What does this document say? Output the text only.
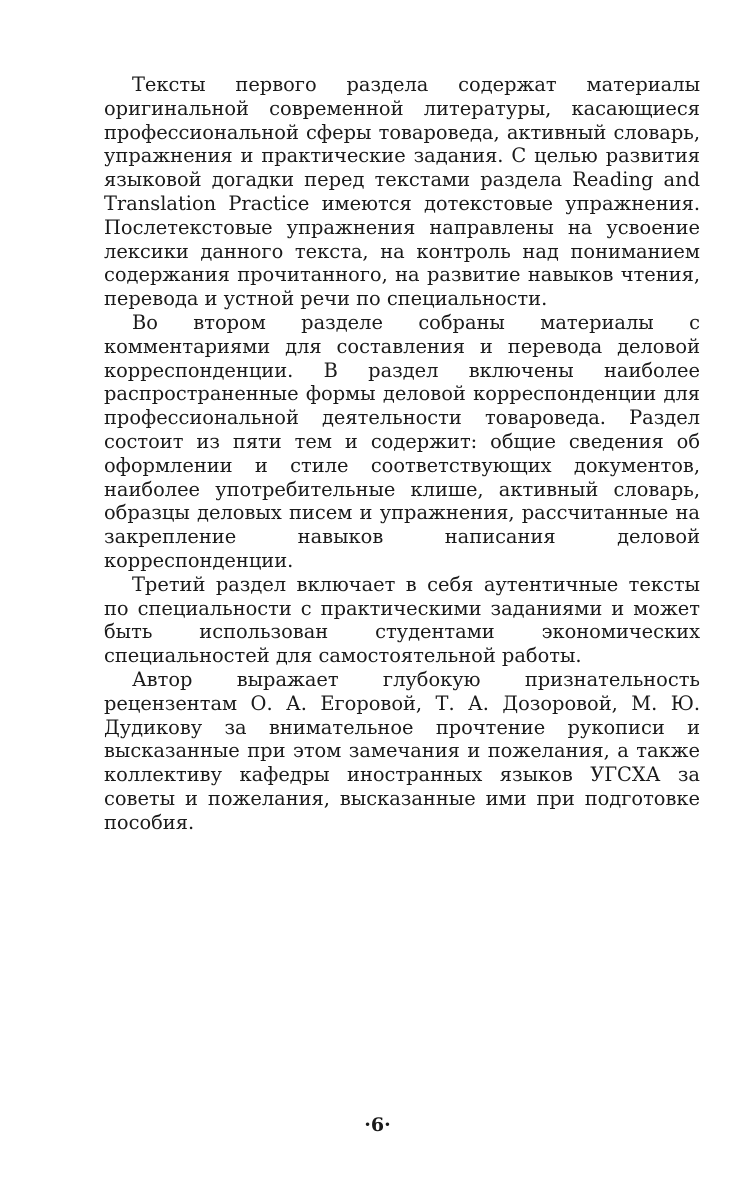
Тексты первого раздела содержат материалы оригинальной современной литературы, касающиеся профессиональной сферы товароведа, активный словарь, упражнения и практические задания. С целью развития языковой догадки перед текстами раздела Reading and Translation Practice имеются дотекстовые упражнения. Послетекстовые упражнения направлены на усвоение лексики данного текста, на контроль над пониманием содержания прочитанного, на развитие навыков чтения, перевода и устной речи по специальности.

Во втором разделе собраны материалы с комментариями для составления и перевода деловой корреспонденции. В раздел включены наиболее распространенные формы деловой корреспонденции для профессиональной деятельности товароведа. Раздел состоит из пяти тем и содержит: общие сведения об оформлении и стиле соответствующих документов, наиболее употребительные клише, активный словарь, образцы деловых писем и упражнения, рассчитанные на закрепление навыков написания деловой корреспонденции.

Третий раздел включает в себя аутентичные тексты по специальности с практическими заданиями и может быть использован студентами экономических специальностей для самостоятельной работы.

Автор выражает глубокую признательность рецензентам О. А. Егоровой, Т. А. Дозоровой, М. Ю. Дудикову за внимательное прочтение рукописи и высказанные при этом замечания и пожелания, а также коллективу кафедры иностранных языков УГСХА за советы и пожелания, высказанные ими при подготовке пособия.

·6·
